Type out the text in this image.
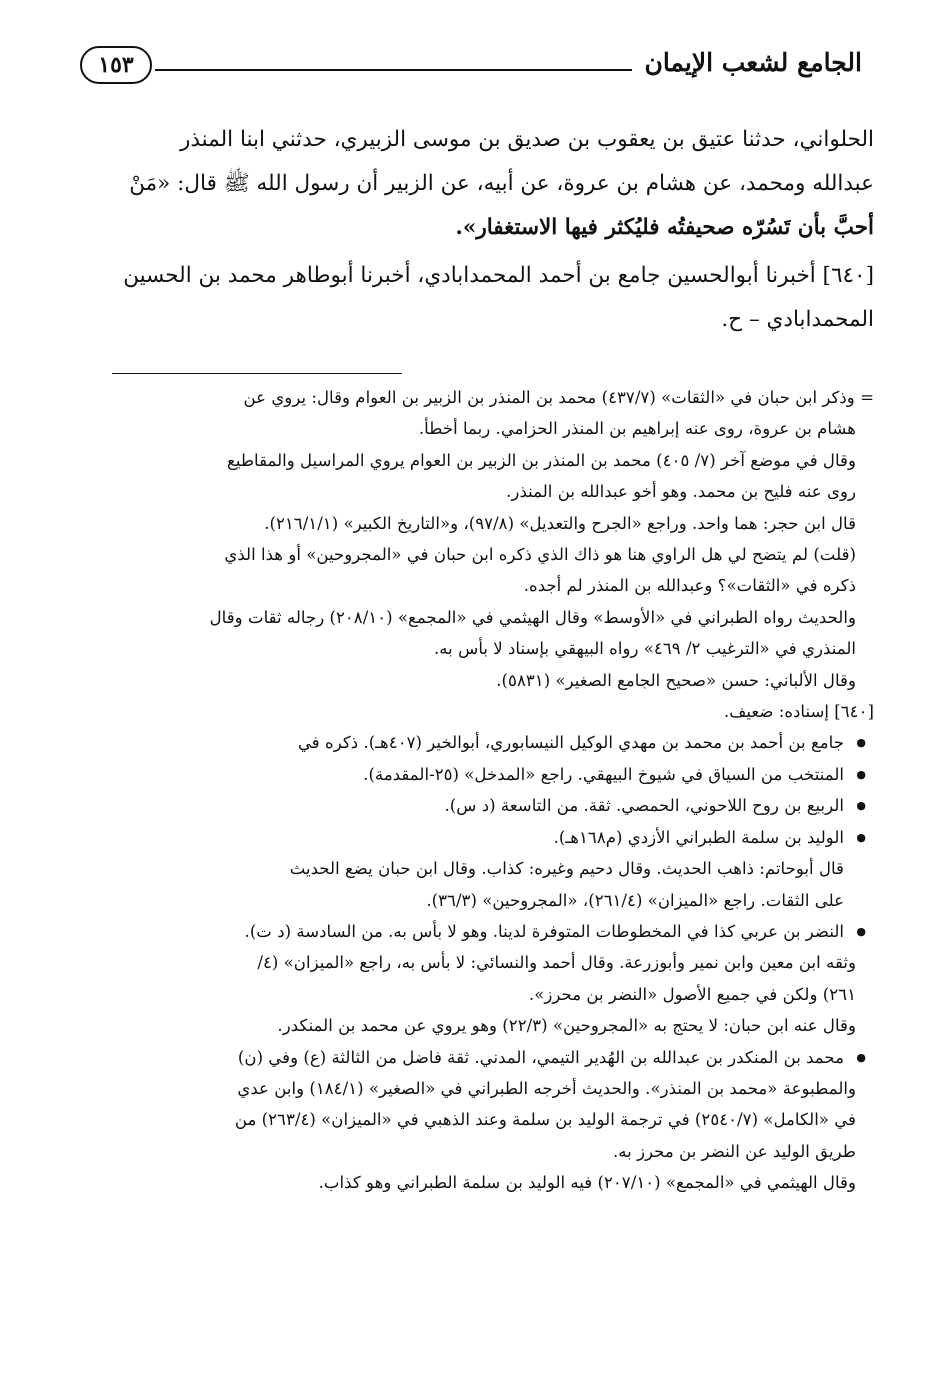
الجامع لشعب الإيمان
١٥٣

الحلواني، حدثنا عتيق بن يعقوب بن صديق بن موسى الزبيري، حدثني ابنا المنذر

عبدالله ومحمد، عن هشام بن عروة، عن أبيه، عن الزبير أن رسول الله ﷺ قال: «مَنْ

أحبَّ بأن تَسُرّه صحيفتُه فليُكثر فيها الاستغفار».

[٦٤٠] أخبرنا أبوالحسين جامع بن أحمد المحمدابادي، أخبرنا أبوطاهر محمد بن الحسين

المحمدابادي – ح.

= وذكر ابن حبان في «الثقات» (٤٣٧/٧) محمد بن المنذر بن الزبير بن العوام وقال: يروي عن

هشام بن عروة، روى عنه إبراهيم بن المنذر الحزامي. ربما أخطأ.

وقال في موضع آخر (٧/ ٤٠٥) محمد بن المنذر بن الزبير بن العوام يروي المراسيل والمقاطيع

روى عنه فليح بن محمد. وهو أخو عبدالله بن المنذر.

قال ابن حجر: هما واحد. وراجع «الجرح والتعديل» (٩٧/٨)، و«التاريخ الكبير» (٢١٦/١/١).

(قلت) لم يتضح لي هل الراوي هنا هو ذاك الذي ذكره ابن حبان في «المجروحين» أو هذا الذي

ذكره في «الثقات»؟ وعبدالله بن المنذر لم أجده.

والحديث رواه الطبراني في «الأوسط» وقال الهيثمي في «المجمع» (٢٠٨/١٠) رجاله ثقات وقال

المنذري في «الترغيب ٢/ ٤٦٩» رواه البيهقي بإسناد لا بأس به.

وقال الألباني: حسن «صحيح الجامع الصغير» (٥٨٣١).

[٦٤٠] إسناده: ضعيف.

● جامع بن أحمد بن محمد بن مهدي الوكيل النيسابوري، أبوالخير (٤٠٧هـ). ذكره في

● المنتخب من السياق في شيوخ البيهقي. راجع «المدخل» (٢٥-المقدمة).

● الربيع بن روح اللاحوني، الحمصي. ثقة. من التاسعة (د س).

● الوليد بن سلمة الطبراني الأزدي (م١٦٨هـ).

قال أبوحاتم: ذاهب الحديث. وقال دحيم وغيره: كذاب. وقال ابن حبان يضع الحديث

على الثقات. راجع «الميزان» (٢٦١/٤)، «المجروحين» (٣٦/٣).

● النضر بن عربي كذا في المخطوطات المتوفرة لدينا. وهو لا بأس به. من السادسة (د ت).

وثقه ابن معين وابن نمير وأبوزرعة. وقال أحمد والنسائي: لا بأس به، راجع «الميزان» (٤/

٢٦١) ولكن في جميع الأصول «النضر بن محرز».

وقال عنه ابن حبان: لا يحتج به «المجروحين» (٢٢/٣) وهو يروي عن محمد بن المنكدر.

● محمد بن المنكدر بن عبدالله بن الهُدير التيمي، المدني. ثقة فاضل من الثالثة (ع) وفي (ن)

والمطبوعة «محمد بن المنذر». والحديث أخرجه الطبراني في «الصغير» (١٨٤/١) وابن عدي

في «الكامل» (٢٥٤٠/٧) في ترجمة الوليد بن سلمة وعند الذهبي في «الميزان» (٢٦٣/٤) من

طريق الوليد عن النضر بن محرز به.

وقال الهيثمي في «المجمع» (٢٠٧/١٠) فيه الوليد بن سلمة الطبراني وهو كذاب.
